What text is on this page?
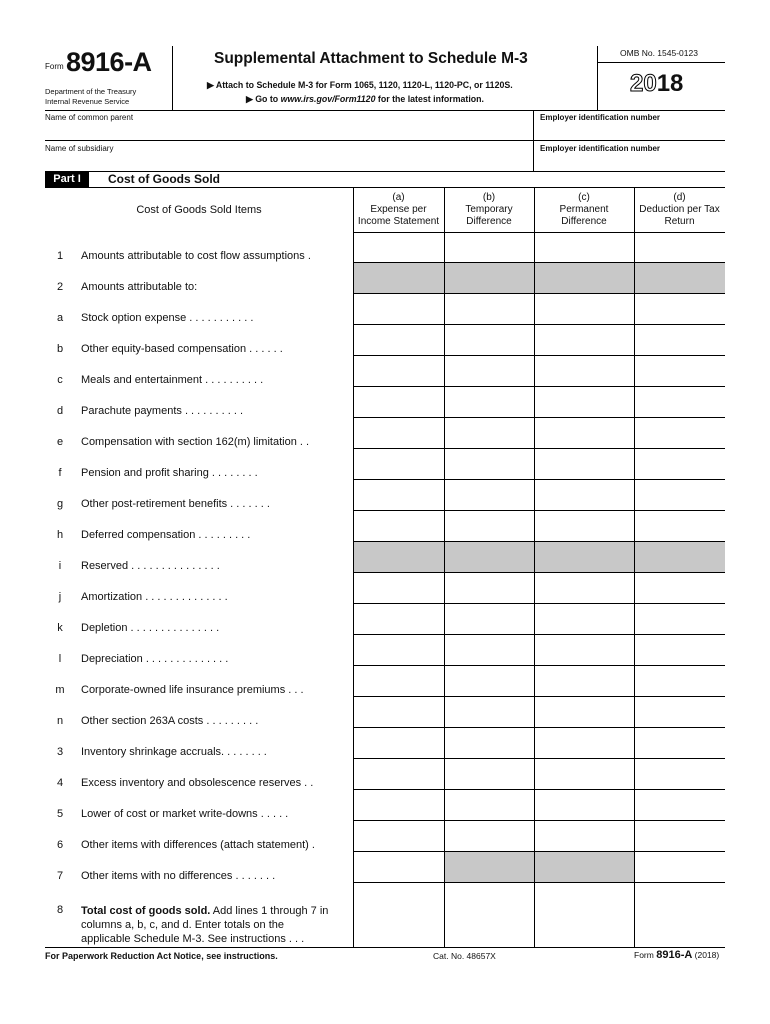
Form 8916-A
Department of the Treasury
Internal Revenue Service
Supplemental Attachment to Schedule M-3
▶ Attach to Schedule M-3 for Form 1065, 1120, 1120-L, 1120-PC, or 1120S.
▶ Go to www.irs.gov/Form1120 for the latest information.
OMB No. 1545-0123
2018
Name of common parent	Employer identification number
Name of subsidiary	Employer identification number
Part I	Cost of Goods Sold
Cost of Goods Sold Items
(a)
Expense per
Income Statement
(b)
Temporary
Difference
(c)
Permanent
Difference
(d)
Deduction per Tax
Return
1	Amounts attributable to cost flow assumptions .
2	Amounts attributable to:
a	Stock option expense . . . . . . . . . . .
b	Other equity-based compensation . . . . . .
c	Meals and entertainment . . . . . . . . . .
d	Parachute payments . . . . . . . . . .
e	Compensation with section 162(m) limitation . .
f	Pension and profit sharing . . . . . . . .
g	Other post-retirement benefits . . . . . . .
h	Deferred compensation . . . . . . . . .
i	Reserved . . . . . . . . . . . . . . .
j	Amortization . . . . . . . . . . . . . .
k	Depletion . . . . . . . . . . . . . . .
l	Depreciation . . . . . . . . . . . . . .
m	Corporate-owned life insurance premiums . . .
n	Other section 263A costs . . . . . . . . .
3	Inventory shrinkage accruals. . . . . . . .
4	Excess inventory and obsolescence reserves . .
5	Lower of cost or market write-downs . . . . .
6	Other items with differences (attach statement) .
7	Other items with no differences . . . . . . .
8	Total cost of goods sold. Add lines 1 through 7 in
columns a, b, c, and d. Enter totals on the
applicable Schedule M-3. See instructions . . .
For Paperwork Reduction Act Notice, see instructions.	Cat. No. 48657X	Form 8916-A (2018)
